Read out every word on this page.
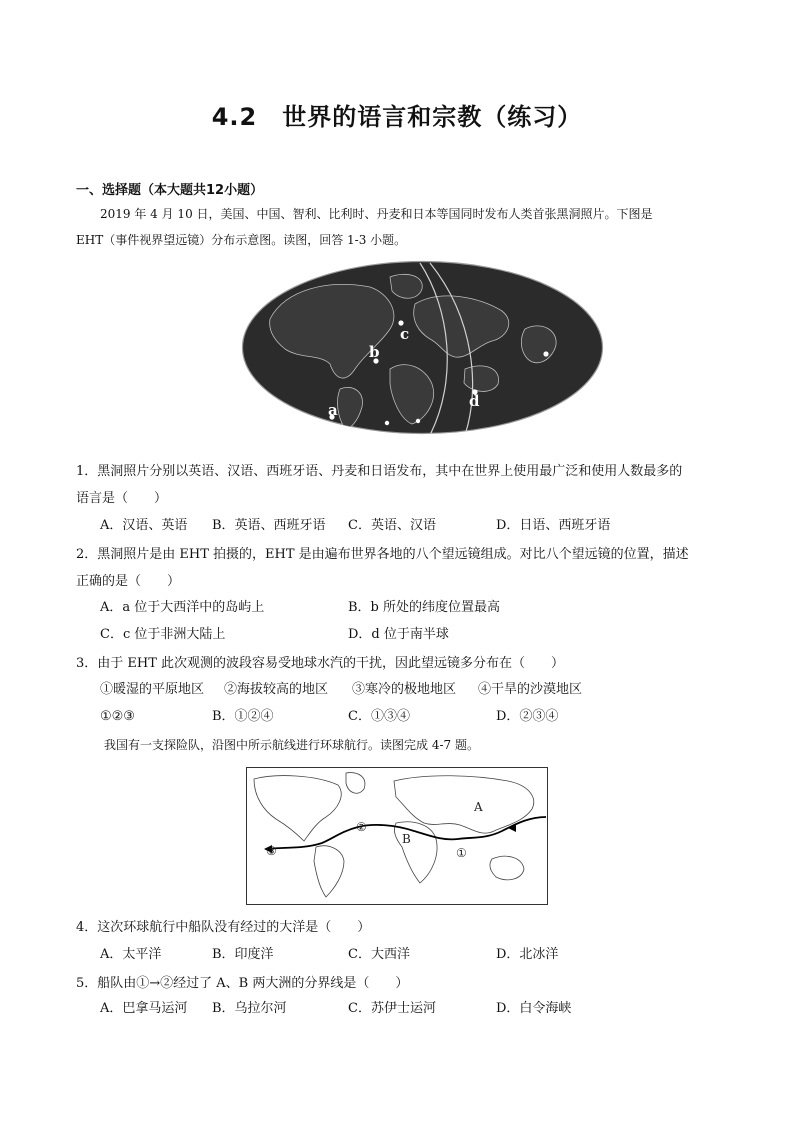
4.2　世界的语言和宗教（练习）
一、选择题（本大题共12小题）

2019 年 4 月 10 日，美国、中国、智利、比利时、丹麦和日本等国同时发布人类首张黑洞照片。下图是

EHT（事件视界望远镜）分布示意图。读图，回答 1-3 小题。

a
b
c
d

1．黑洞照片分别以英语、汉语、西班牙语、丹麦和日语发布，其中在世界上使用最广泛和使用人数最多的

语言是（　　）

A．汉语、英语 B．英语、西班牙语 C．英语、汉语	D．日语、西班牙语

2．黑洞照片是由 EHT 拍摄的，EHT 是由遍布世界各地的八个望远镜组成。对比八个望远镜的位置，描述

正确的是（　　）

A．a 位于大西洋中的岛屿上	B．b 所处的纬度位置最高
C．c 位于非洲大陆上	D．d 位于南半球

3．由于 EHT 此次观测的波段容易受地球水汽的干扰，因此望远镜多分布在（　　）

①暖湿的平原地区 ②海拔较高的地区 ③寒冷的极地地区 ④干旱的沙漠地区
①②③	B．①②④	C．①③④	D．②③④

我国有一支探险队，沿图中所示航线进行环球航行。读图完成 4-7 题。

A
B
①
②
③

4．这次环球航行中船队没有经过的大洋是（　　）

A．太平洋	B．印度洋	C．大西洋	D．北冰洋

5．船队由①→②经过了 A、B 两大洲的分界线是（　　）

A．巴拿马运河 B．乌拉尔河	C．苏伊士运河	D．白令海峡
